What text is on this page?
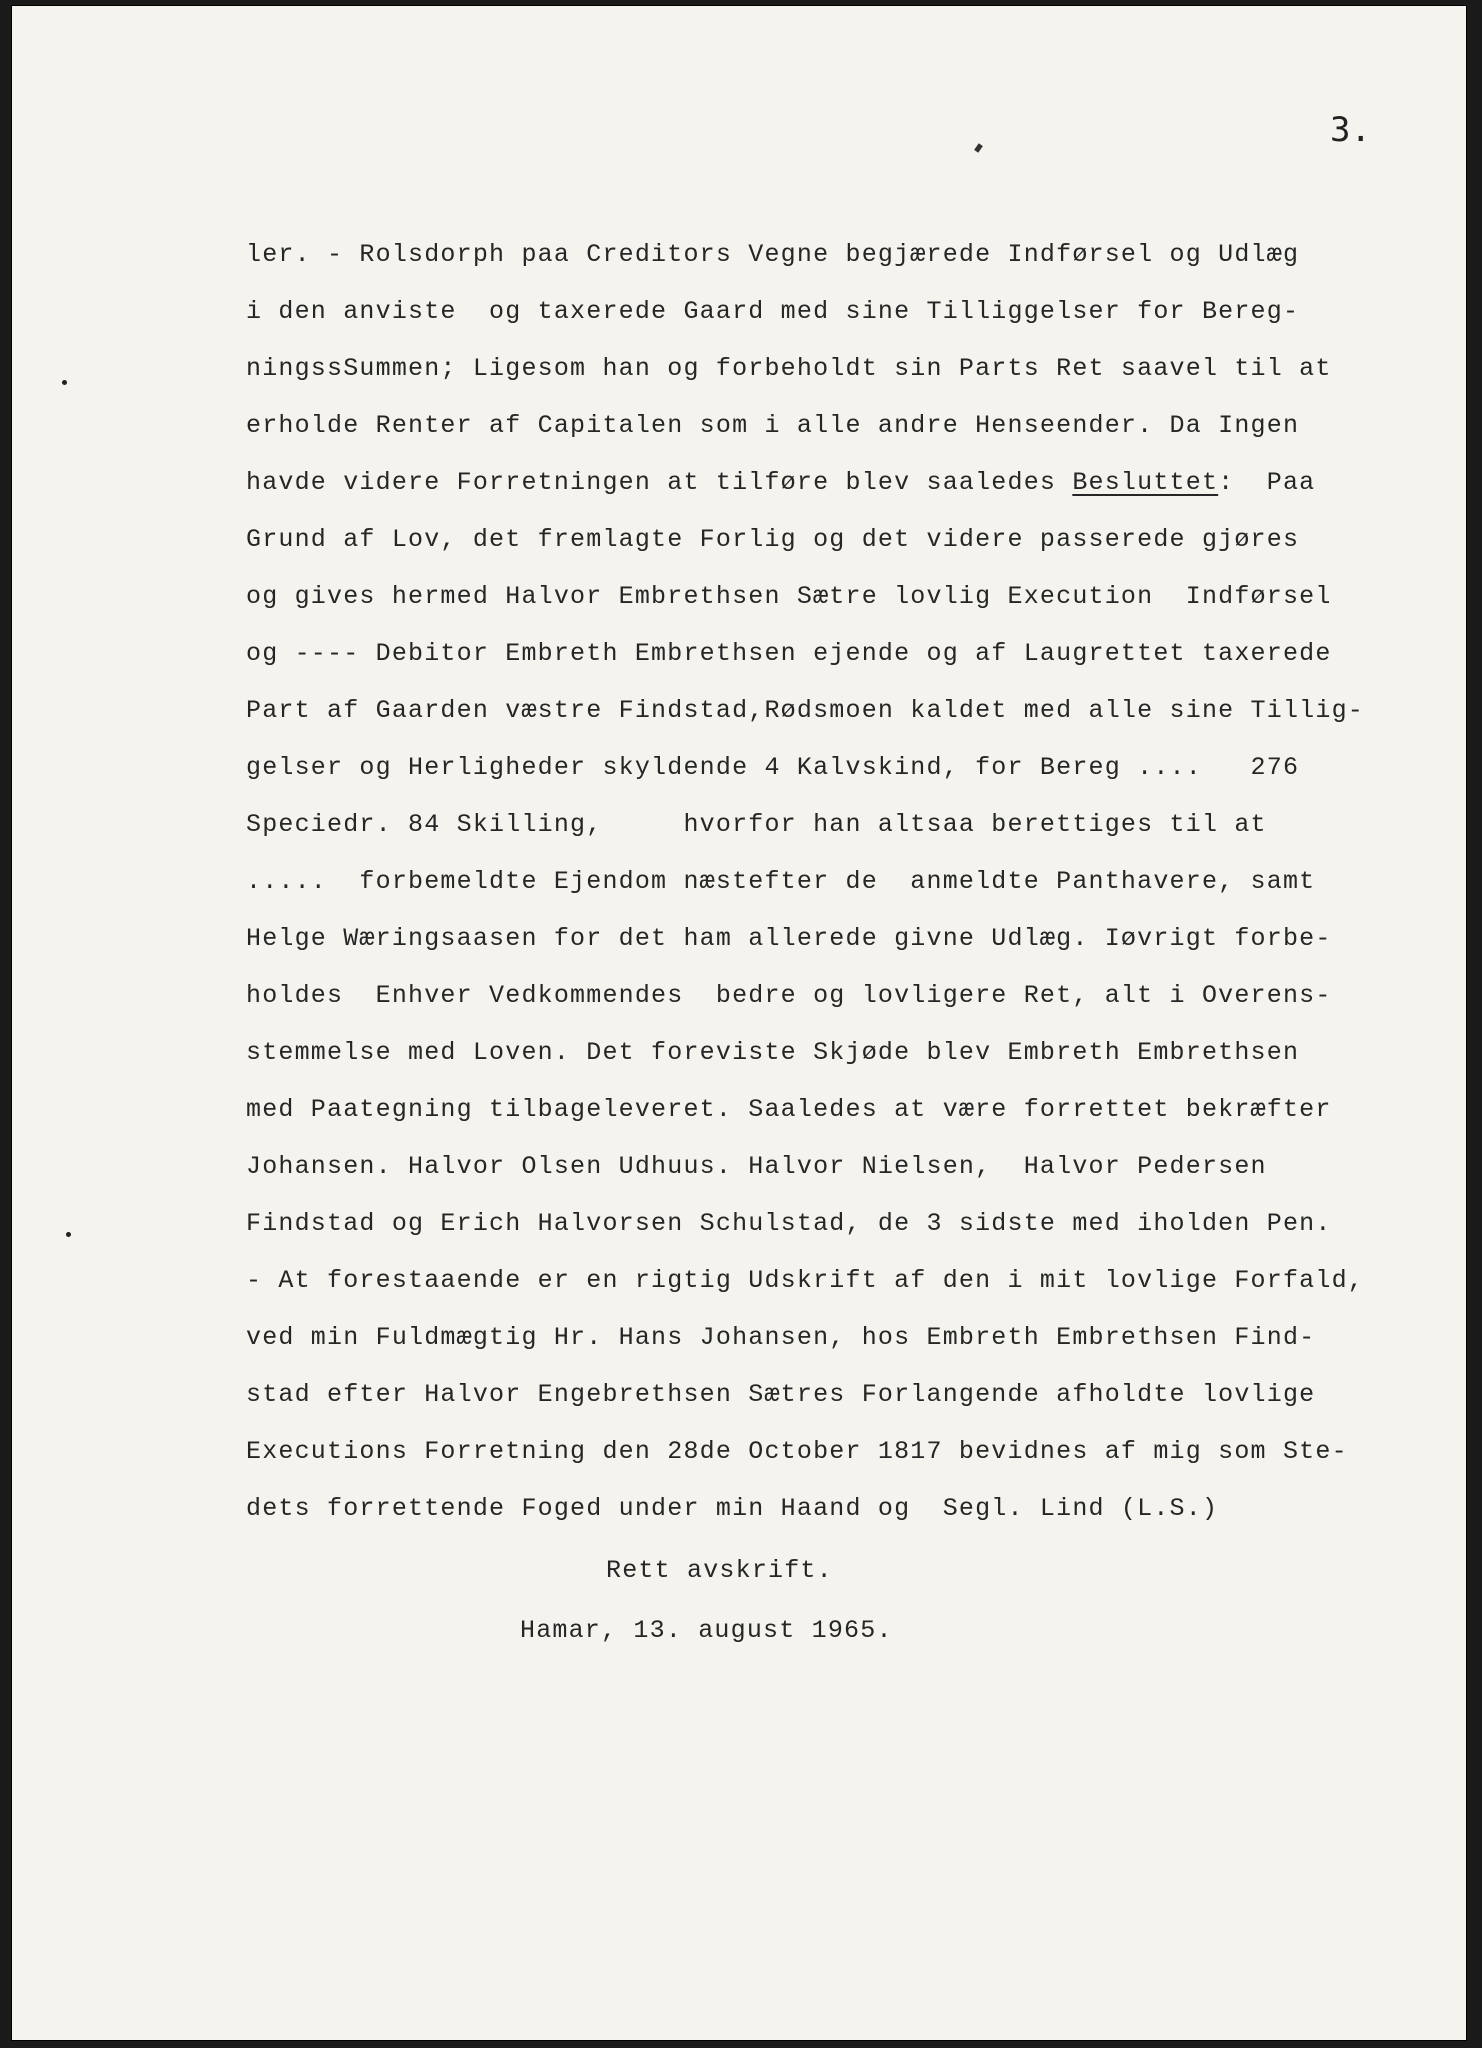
3.
ler. - Rolsdorph paa Creditors Vegne begjærede Indførsel og Udlæg
i den anviste  og taxerede Gaard med sine Tilliggelser for Bereg-
ningssSummen; Ligesom han og forbeholdt sin Parts Ret saavel til at
erholde Renter af Capitalen som i alle andre Henseender. Da Ingen
havde videre Forretningen at tilføre blev saaledes Besluttet:  Paa
Grund af Lov, det fremlagte Forlig og det videre passerede gjøres
og gives hermed Halvor Embrethsen Sætre lovlig Execution  Indførsel
og ---- Debitor Embreth Embrethsen ejende og af Laugrettet taxerede
Part af Gaarden væstre Findstad,Rødsmoen kaldet med alle sine Tillig-
gelser og Herligheder skyldende 4 Kalvskind, for Bereg ....   276
Speciedr. 84 Skilling,     hvorfor han altsaa berettiges til at
.....  forbemeldte Ejendom næstefter de  anmeldte Panthavere, samt
Helge Wæringsaasen for det ham allerede givne Udlæg. Iøvrigt forbe-
holdes  Enhver Vedkommendes  bedre og lovligere Ret, alt i Overens-
stemmelse med Loven. Det foreviste Skjøde blev Embreth Embrethsen
med Paategning tilbageleveret. Saaledes at være forrettet bekræfter
Johansen. Halvor Olsen Udhuus. Halvor Nielsen,  Halvor Pedersen
Findstad og Erich Halvorsen Schulstad, de 3 sidste med iholden Pen.
- At forestaaende er en rigtig Udskrift af den i mit lovlige Forfald,
ved min Fuldmægtig Hr. Hans Johansen, hos Embreth Embrethsen Find-
stad efter Halvor Engebrethsen Sætres Forlangende afholdte lovlige
Executions Forretning den 28de October 1817 bevidnes af mig som Ste-
dets forrettende Foged under min Haand og  Segl. Lind (L.S.)
Rett avskrift.
Hamar, 13. august 1965.
